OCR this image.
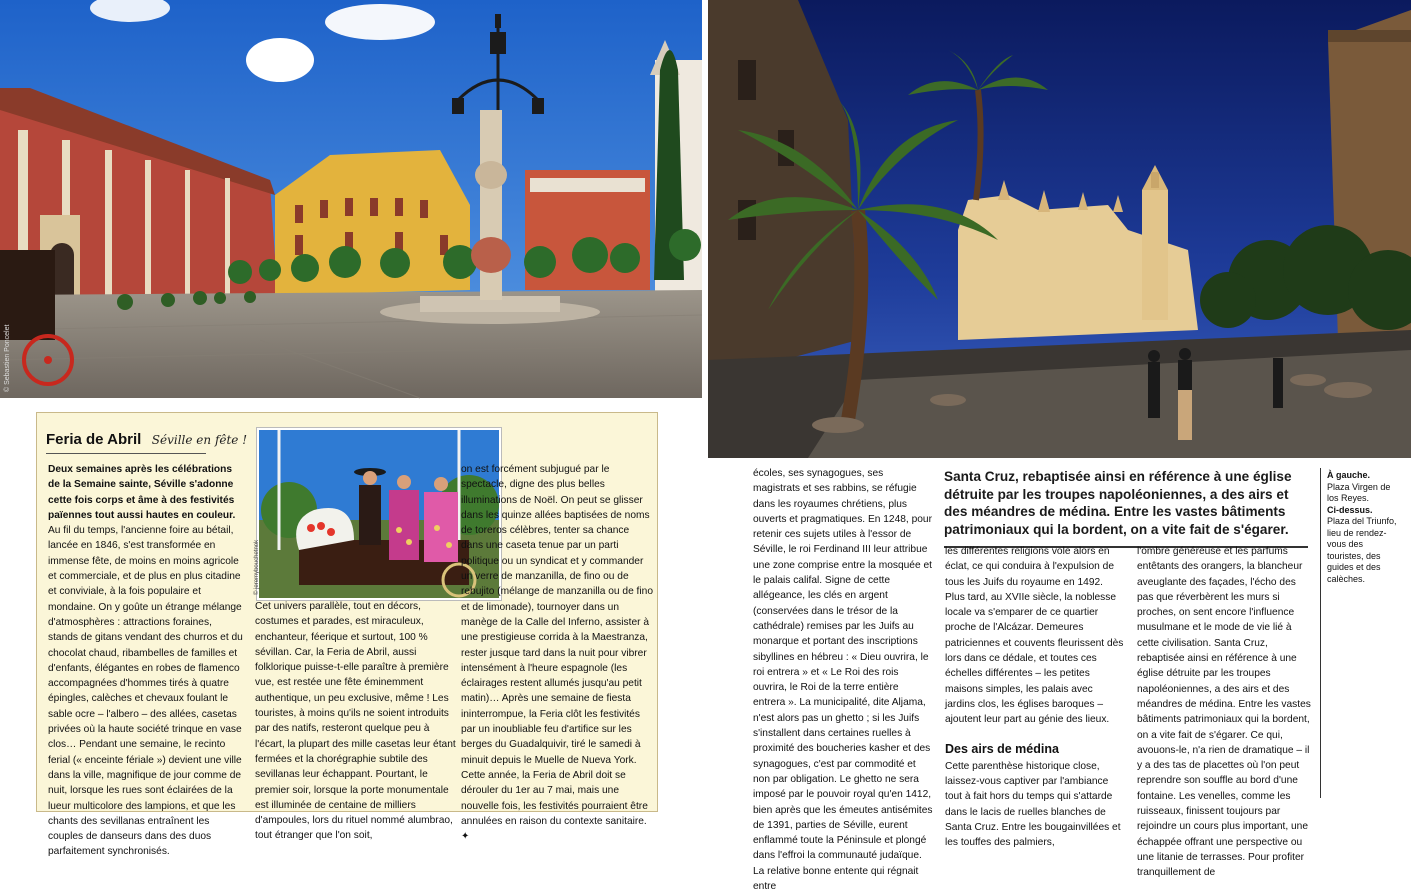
© Sebastien Poncelet
Feria de Abril Séville en fête !

Deux semaines après les célébrations de la Semaine sainte, Séville s'adonne cette fois corps et âme à des festivités païennes tout aussi hautes en couleur.

Au fil du temps, l'ancienne foire au bétail, lancée en 1846, s'est transformée en immense fête, de moins en moins agricole et commerciale, et de plus en plus citadine et conviviale, à la fois populaire et mondaine. On y goûte un étrange mélange d'atmosphères : attractions foraines, stands de gitans vendant des churros et du chocolat chaud, ribambelles de familles et d'enfants, élégantes en robes de flamenco accompagnées d'hommes tirés à quatre épingles, calèches et chevaux foulant le sable ocre – l'albero – des allées, casetas privées où la haute société trinque en vase clos… Pendant une semaine, le recinto ferial (« enceinte fériale ») devient une ville dans la ville, magnifique de jour comme de nuit, lorsque les rues sont éclairées de la lueur multicolore des lampions, et que les chants des sevillanas entraînent les couples de danseurs dans des duos parfaitement synchronisés.

© jeremybouchetnok

Cet univers parallèle, tout en décors, costumes et parades, est miraculeux, enchanteur, féerique et surtout, 100 % sévillan. Car, la Feria de Abril, aussi folklorique puisse-t-elle paraître à première vue, est restée une fête éminemment authentique, un peu exclusive, même ! Les touristes, à moins qu'ils ne soient introduits par des natifs, resteront quelque peu à l'écart, la plupart des mille casetas leur étant fermées et la chorégraphie subtile des sevillanas leur échappant. Pourtant, le premier soir, lorsque la porte monumentale est illuminée de centaine de milliers d'ampoules, lors du rituel nommé alumbrao, tout étranger que l'on soit,

on est forcément subjugué par le spectacle, digne des plus belles illuminations de Noël. On peut se glisser dans les quinze allées baptisées de noms de toreros célèbres, tenter sa chance dans une caseta tenue par un parti politique ou un syndicat et y commander un verre de manzanilla, de fino ou de rebujito (mélange de manzanilla ou de fino et de limonade), tournoyer dans un manège de la Calle del Inferno, assister à une prestigieuse corrida à la Maestranza, rester jusque tard dans la nuit pour vibrer intensément à l'heure espagnole (les éclairages restent allumés jusqu'au petit matin)… Après une semaine de fiesta ininterrompue, la Feria clôt les festivités par un inoubliable feu d'artifice sur les berges du Guadalquivir, tiré le samedi à minuit depuis le Muelle de Nueva York. Cette année, la Feria de Abril doit se dérouler du 1er au 7 mai, mais une nouvelle fois, les festivités pourraient être annulées en raison du contexte sanitaire. ✦

écoles, ses synagogues, ses magistrats et ses rabbins, se réfugie dans les royaumes chrétiens, plus ouverts et pragmatiques. En 1248, pour retenir ces sujets utiles à l'essor de Séville, le roi Ferdinand III leur attribue une zone comprise entre la mosquée et le palais califal. Signe de cette allégeance, les clés en argent (conservées dans le trésor de la cathédrale) remises par les Juifs au monarque et portant des inscriptions sibyllines en hébreu : « Dieu ouvrira, le roi entrera » et « Le Roi des rois ouvrira, le Roi de la terre entière entrera ». La municipalité, dite Aljama, n'est alors pas un ghetto ; si les Juifs s'installent dans certaines ruelles à proximité des boucheries kasher et des synagogues, c'est par commodité et non par obligation. Le ghetto ne sera imposé par le pouvoir royal qu'en 1412, bien après que les émeutes antisémites de 1391, parties de Séville, eurent enflammé toute la Péninsule et plongé dans l'effroi la communauté judaïque. La relative bonne entente qui régnait entre

Santa Cruz, rebaptisée ainsi en référence à une église détruite par les troupes napoléoniennes, a des airs et des méandres de médina. Entre les vastes bâtiments patrimoniaux qui la bordent, on a vite fait de s'égarer.

les différentes religions vole alors en éclat, ce qui conduira à l'expulsion de tous les Juifs du royaume en 1492. Plus tard, au XVIIe siècle, la noblesse locale va s'emparer de ce quartier proche de l'Alcázar. Demeures patriciennes et couvents fleurissent dès lors dans ce dédale, et toutes ces échelles différentes – les petites maisons simples, les palais avec jardins clos, les églises baroques – ajoutent leur part au génie des lieux.

Des airs de médina

Cette parenthèse historique close, laissez-vous captiver par l'ambiance tout à fait hors du temps qui s'attarde dans le lacis de ruelles blanches de Santa Cruz. Entre les bougainvillées et les touffes des palmiers,

l'ombre généreuse et les parfums entêtants des orangers, la blancheur aveuglante des façades, l'écho des pas que réverbèrent les murs si proches, on sent encore l'influence musulmane et le mode de vie lié à cette civilisation. Santa Cruz, rebaptisée ainsi en référence à une église détruite par les troupes napoléoniennes, a des airs et des méandres de médina. Entre les vastes bâtiments patrimoniaux qui la bordent, on a vite fait de s'égarer. Ce qui, avouons-le, n'a rien de dramatique – il y a des tas de placettes où l'on peut reprendre son souffle au bord d'une fontaine. Les venelles, comme les ruisseaux, finissent toujours par rejoindre un cours plus important, une échappée offrant une perspective ou une litanie de terrasses. Pour profiter tranquillement de

À gauche.
Plaza Virgen de los Reyes.
Ci-dessus.
Plaza del Triunfo, lieu de rendez-vous des touristes, des guides et des calèches.
